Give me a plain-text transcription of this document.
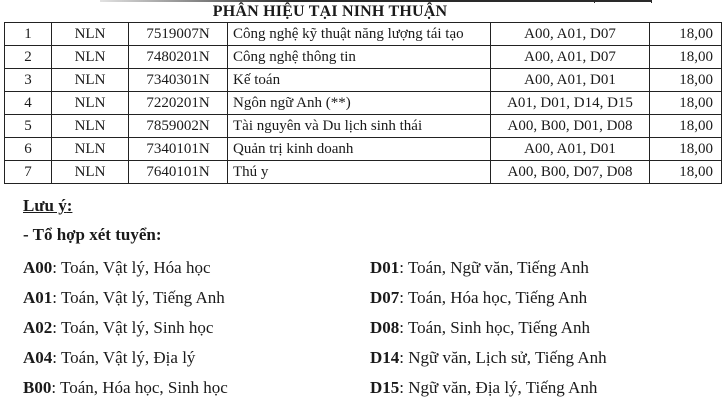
PHÂN HIỆU TẠI NINH THUẬN
1	NLN	7519007N	Công nghệ kỹ thuật năng lượng tái tạo	A00, A01, D07	18,00
2	NLN	7480201N	Công nghệ thông tin	A00, A01, D07	18,00
3	NLN	7340301N	Kế toán	A00, A01, D01	18,00
4	NLN	7220201N	Ngôn ngữ Anh (**)	A01, D01, D14, D15	18,00
5	NLN	7859002N	Tài nguyên và Du lịch sinh thái	A00, B00, D01, D08	18,00
6	NLN	7340101N	Quản trị kinh doanh	A00, A01, D01	18,00
7	NLN	7640101N	Thú y	A00, B00, D07, D08	18,00
Lưu ý:
- Tổ hợp xét tuyển:
A00: Toán, Vật lý, Hóa học
A01: Toán, Vật lý, Tiếng Anh
A02: Toán, Vật lý, Sinh học
A04: Toán, Vật lý, Địa lý
B00: Toán, Hóa học, Sinh học
D01: Toán, Ngữ văn, Tiếng Anh
D07: Toán, Hóa học, Tiếng Anh
D08: Toán, Sinh học, Tiếng Anh
D14: Ngữ văn, Lịch sử, Tiếng Anh
D15: Ngữ văn, Địa lý, Tiếng Anh
